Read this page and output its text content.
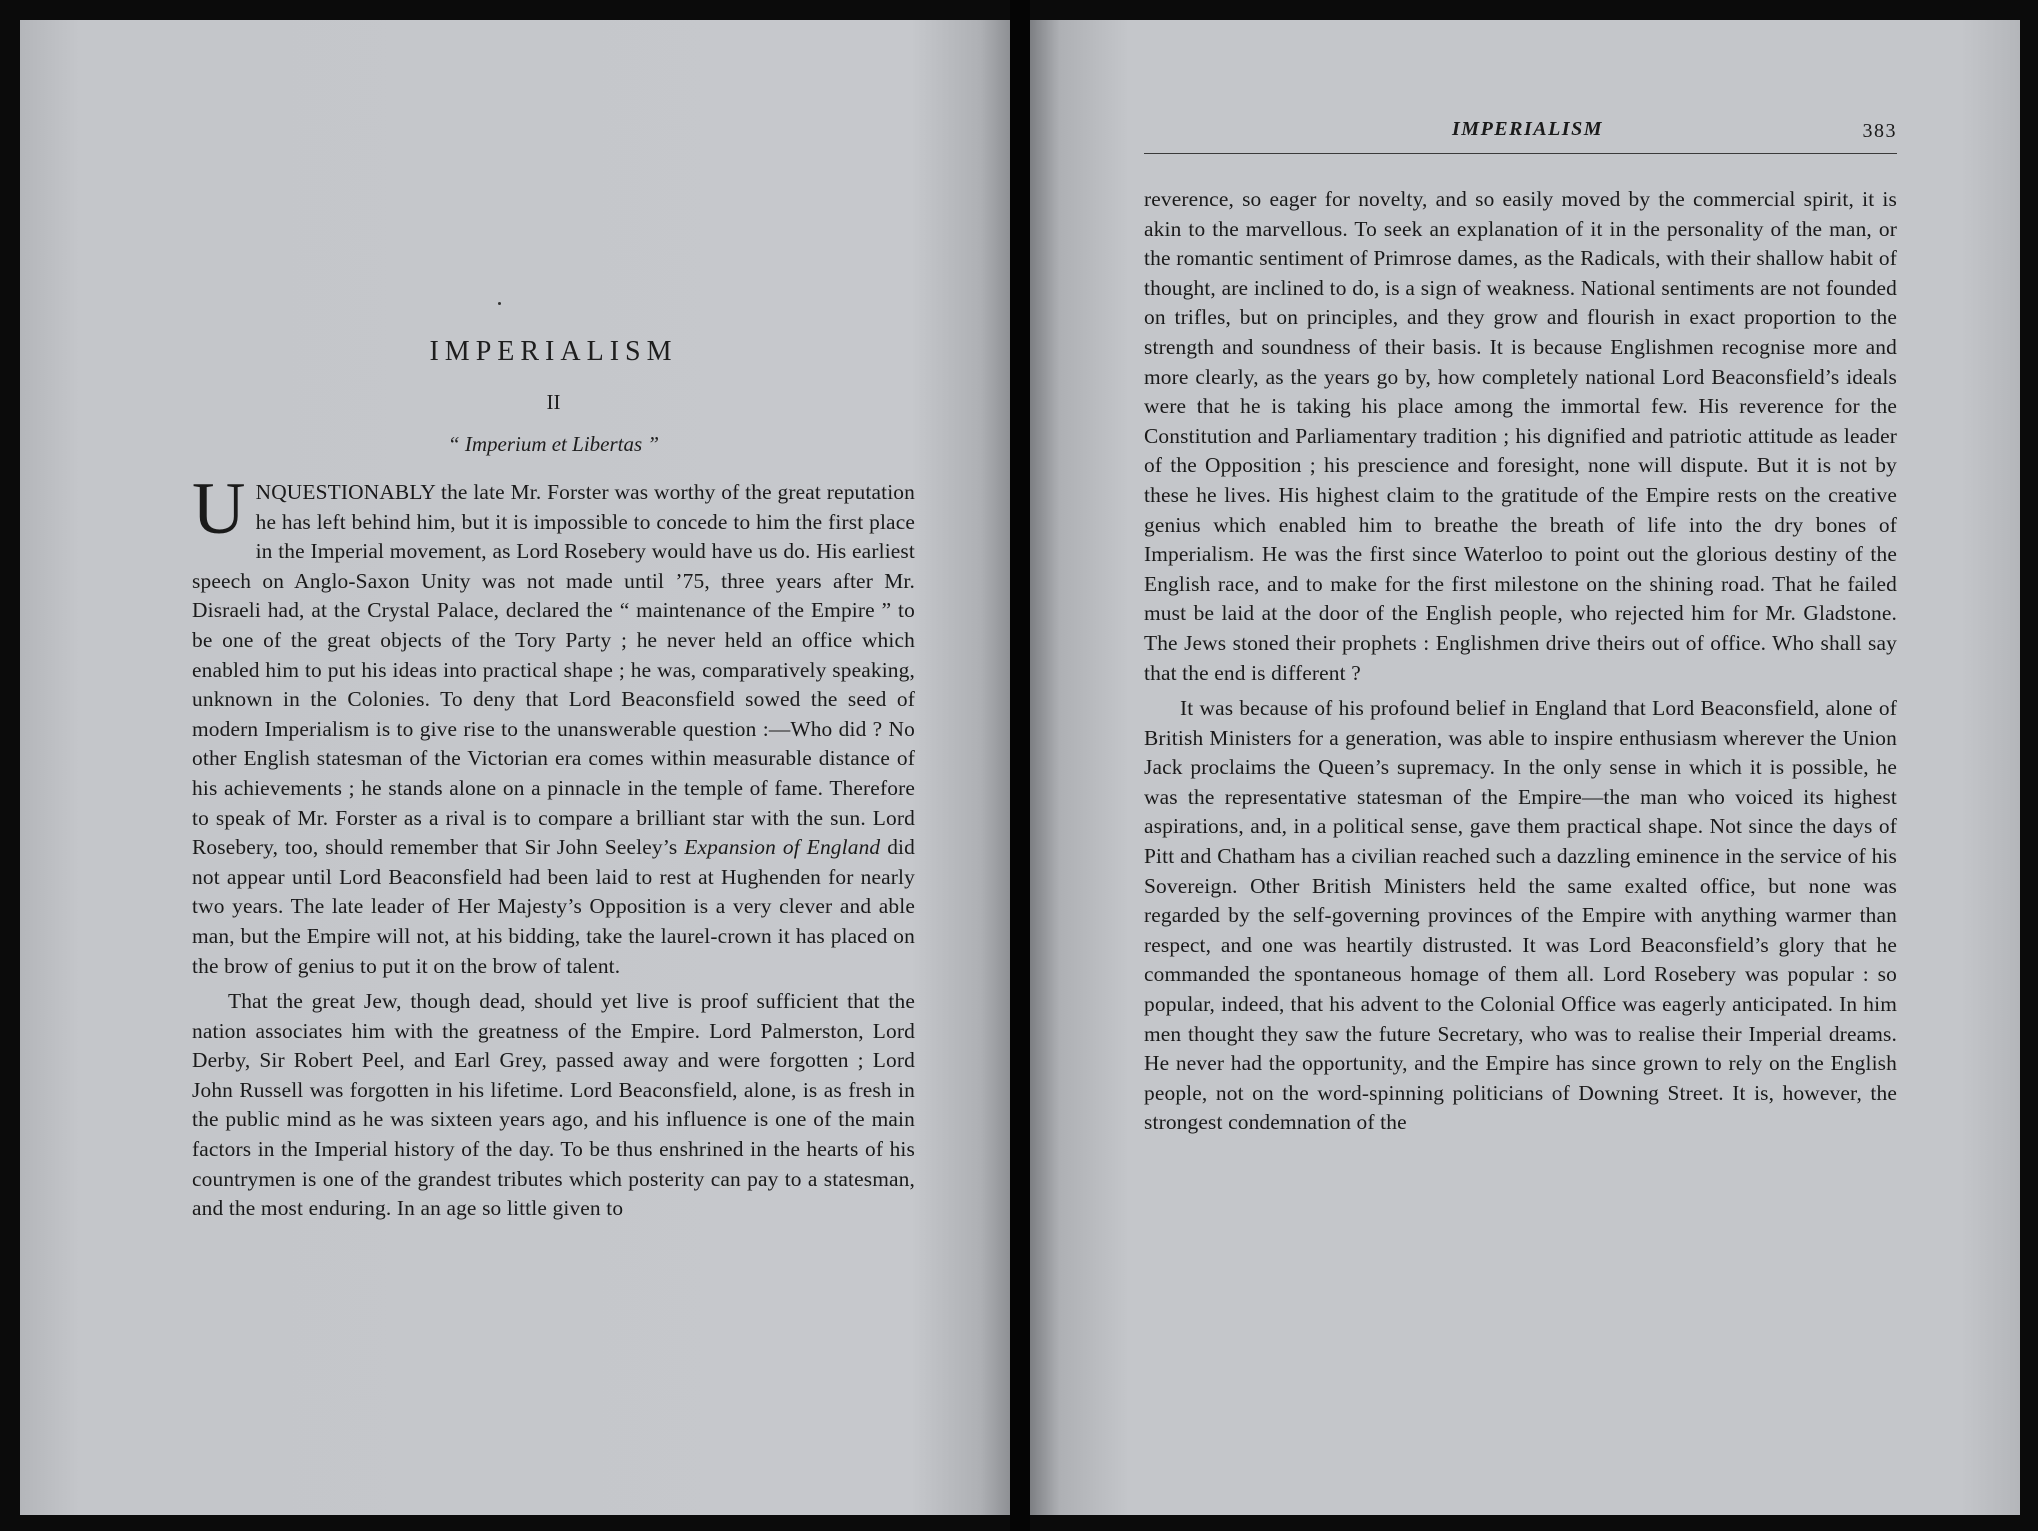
IMPERIALISM
II
“ Imperium et Libertas ”

UNQUESTIONABLY the late Mr. Forster was worthy of the great reputation he has left behind him, but it is impossible to concede to him the first place in the Imperial movement, as Lord Rosebery would have us do. His earliest speech on Anglo-Saxon Unity was not made until ’75, three years after Mr. Disraeli had, at the Crystal Palace, declared the “ maintenance of the Empire ” to be one of the great objects of the Tory Party ; he never held an office which enabled him to put his ideas into practical shape ; he was, comparatively speaking, unknown in the Colonies. To deny that Lord Beaconsfield sowed the seed of modern Imperialism is to give rise to the unanswerable question :—Who did ? No other English statesman of the Victorian era comes within measurable distance of his achievements ; he stands alone on a pinnacle in the temple of fame. Therefore to speak of Mr. Forster as a rival is to compare a brilliant star with the sun. Lord Rosebery, too, should remember that Sir John Seeley’s Expansion of England did not appear until Lord Beaconsfield had been laid to rest at Hughenden for nearly two years. The late leader of Her Majesty’s Opposition is a very clever and able man, but the Empire will not, at his bidding, take the laurel-crown it has placed on the brow of genius to put it on the brow of talent.

That the great Jew, though dead, should yet live is proof sufficient that the nation associates him with the greatness of the Empire. Lord Palmerston, Lord Derby, Sir Robert Peel, and Earl Grey, passed away and were forgotten ; Lord John Russell was forgotten in his lifetime. Lord Beaconsfield, alone, is as fresh in the public mind as he was sixteen years ago, and his influence is one of the main factors in the Imperial history of the day. To be thus enshrined in the hearts of his countrymen is one of the grandest tributes which posterity can pay to a statesman, and the most enduring. In an age so little given to

IMPERIALISM	383

reverence, so eager for novelty, and so easily moved by the commercial spirit, it is akin to the marvellous. To seek an explanation of it in the personality of the man, or the romantic sentiment of Primrose dames, as the Radicals, with their shallow habit of thought, are inclined to do, is a sign of weakness. National sentiments are not founded on trifles, but on principles, and they grow and flourish in exact proportion to the strength and soundness of their basis. It is because Englishmen recognise more and more clearly, as the years go by, how completely national Lord Beaconsfield’s ideals were that he is taking his place among the immortal few. His reverence for the Constitution and Parliamentary tradition ; his dignified and patriotic attitude as leader of the Opposition ; his prescience and foresight, none will dispute. But it is not by these he lives. His highest claim to the gratitude of the Empire rests on the creative genius which enabled him to breathe the breath of life into the dry bones of Imperialism. He was the first since Waterloo to point out the glorious destiny of the English race, and to make for the first milestone on the shining road. That he failed must be laid at the door of the English people, who rejected him for Mr. Gladstone. The Jews stoned their prophets : Englishmen drive theirs out of office. Who shall say that the end is different ?

It was because of his profound belief in England that Lord Beaconsfield, alone of British Ministers for a generation, was able to inspire enthusiasm wherever the Union Jack proclaims the Queen’s supremacy. In the only sense in which it is possible, he was the representative statesman of the Empire—the man who voiced its highest aspirations, and, in a political sense, gave them practical shape. Not since the days of Pitt and Chatham has a civilian reached such a dazzling eminence in the service of his Sovereign. Other British Ministers held the same exalted office, but none was regarded by the self-governing provinces of the Empire with anything warmer than respect, and one was heartily distrusted. It was Lord Beaconsfield’s glory that he commanded the spontaneous homage of them all. Lord Rosebery was popular : so popular, indeed, that his advent to the Colonial Office was eagerly anticipated. In him men thought they saw the future Secretary, who was to realise their Imperial dreams. He never had the opportunity, and the Empire has since grown to rely on the English people, not on the word-spinning politicians of Downing Street. It is, however, the strongest condemnation of the
